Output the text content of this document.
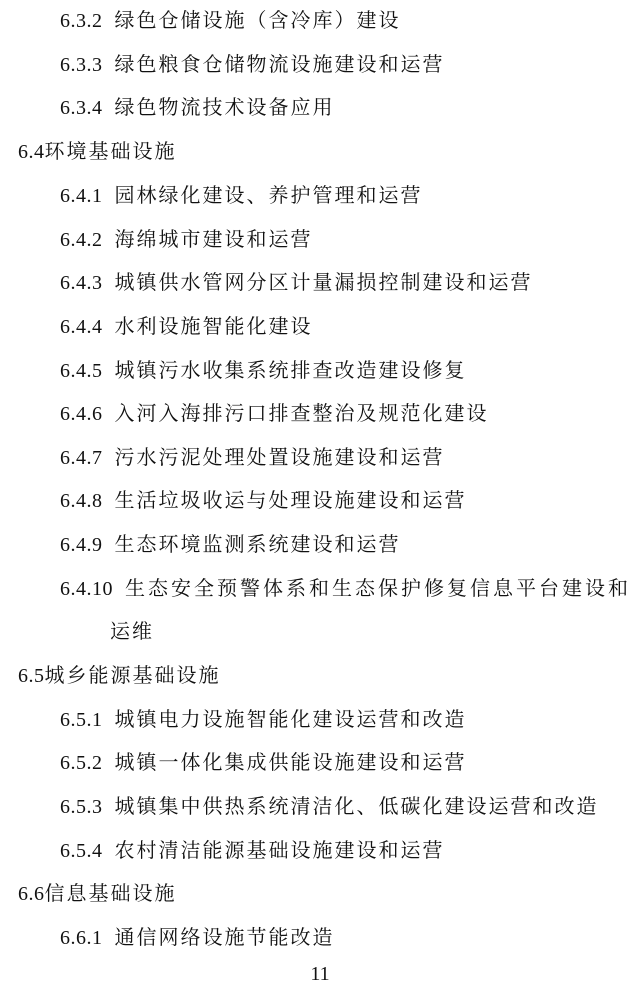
6.3.2 绿色仓储设施（含冷库）建设
6.3.3 绿色粮食仓储物流设施建设和运营
6.3.4 绿色物流技术设备应用
6.4环境基础设施
6.4.1 园林绿化建设、养护管理和运营
6.4.2 海绵城市建设和运营
6.4.3 城镇供水管网分区计量漏损控制建设和运营
6.4.4 水利设施智能化建设
6.4.5 城镇污水收集系统排查改造建设修复
6.4.6 入河入海排污口排查整治及规范化建设
6.4.7 污水污泥处理处置设施建设和运营
6.4.8 生活垃圾收运与处理设施建设和运营
6.4.9 生态环境监测系统建设和运营
6.4.10 生态安全预警体系和生态保护修复信息平台建设和
运维
6.5城乡能源基础设施
6.5.1 城镇电力设施智能化建设运营和改造
6.5.2 城镇一体化集成供能设施建设和运营
6.5.3 城镇集中供热系统清洁化、低碳化建设运营和改造
6.5.4 农村清洁能源基础设施建设和运营
6.6信息基础设施
6.6.1 通信网络设施节能改造
11
